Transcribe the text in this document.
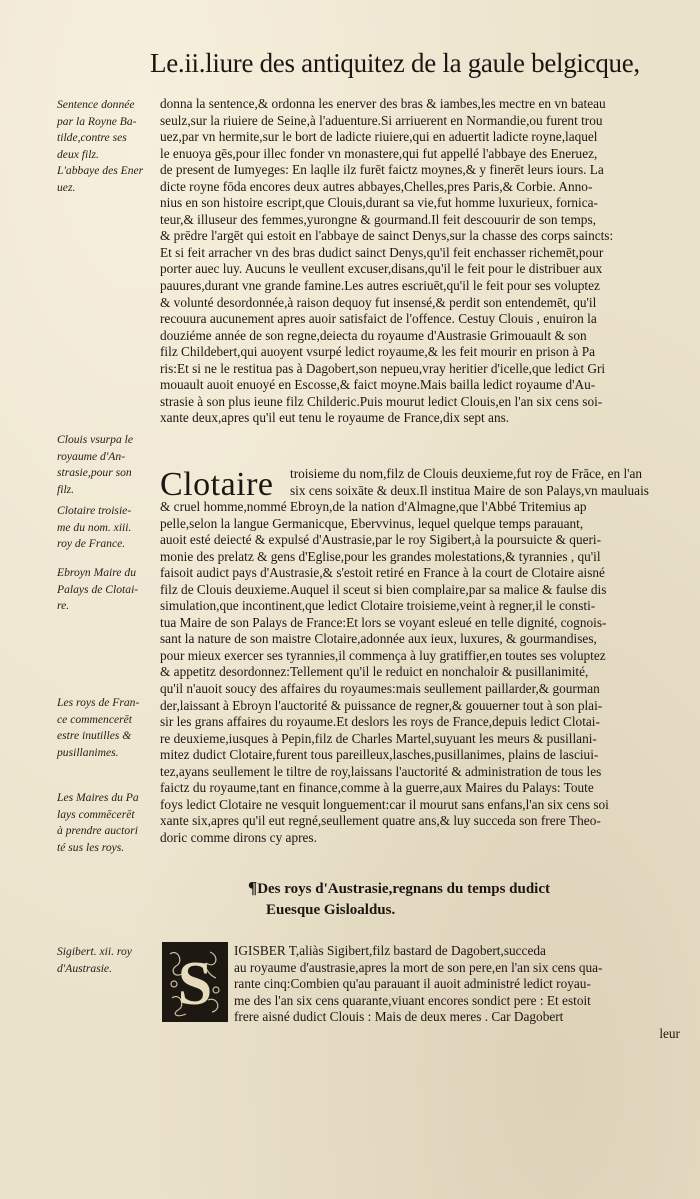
Le.ii.liure des antiquitez de la gaule belgicque,
Sentence donnée
par la Royne Ba-
tilde,contre ses
deux filz.
L'abbaye des Ener
uez.
Clouis vsurpa le
royaume d'An-
strasie,pour son
filz.
Clotaire troisie-
me du nom. xiii.
roy de France.
Ebroyn Maire du
Palays de Clotai-
re.
Les roys de Fran-
ce commencerēt
estre inutilles &
pusillanimes.
Les Maires du Pa
lays commēcerēt
à prendre auctori
té sus les roys.
Sigibert. xii. roy
d'Austrasie.
donna la sentence,& ordonna les enerver des bras & iambes,les mectre en vn bateau
seulz,sur la riuiere de Seine,à l'aduenture.Si arriuerent en Normandie,ou furent trou
uez,par vn hermite,sur le bort de ladicte riuiere,qui en aduertit ladicte royne,laquel
le enuoya gēs,pour illec fonder vn monastere,qui fut appellé l'abbaye des Eneruez,
de present de Iumyeges: En laqlle ilz furēt faictz moynes,& y finerēt leurs iours. La
dicte royne fōda encores deux autres abbayes,Chelles,pres Paris,& Corbie. Anno-
nius en son histoire escript,que Clouis,durant sa vie,fut homme luxurieux, fornica-
teur,& illuseur des femmes,yurongne & gourmand.Il feit descouurir de son temps,
& prēdre l'argēt qui estoit en l'abbaye de sainct Denys,sur la chasse des corps saincts:
Et si feit arracher vn des bras dudict sainct Denys,qu'il feit enchasser richemēt,pour
porter auec luy. Aucuns le veullent excuser,disans,qu'il le feit pour le distribuer aux
pauures,durant vne grande famine.Les autres escriuēt,qu'il le feit pour ses voluptez
& volunté desordonnée,à raison dequoy fut insensé,& perdit son entendemēt, qu'il
recouura aucunement apres auoir satisfaict de l'offence. Cestuy Clouis , enuiron la
douziéme année de son regne,deiecta du royaume d'Austrasie Grimouault & son
filz Childebert,qui auoyent vsurpé ledict royaume,& les feit mourir en prison à Pa
ris:Et si ne le restitua pas à Dagobert,son nepueu,vray heritier d'icelle,que ledict Gri
mouault auoit enuoyé en Escosse,& faict moyne.Mais bailla ledict royaume d'Au-
strasie à son plus ieune filz Childeric.Puis mourut ledict Clouis,en l'an six cens soi-
xante deux,apres qu'il eut tenu le royaume de France,dix sept ans.
Clotaire troisieme du nom,filz de Clouis deuxieme,fut roy de Frāce, en l'an
six cens soixāte & deux.Il institua Maire de son Palays,vn mauluais
& cruel homme,nommé Ebroyn,de la nation d'Almagne,que l'Abbé Tritemius ap
pelle,selon la langue Germanicque, Ebervvinus, lequel quelque temps parauant,
auoit esté deiecté & expulsé d'Austrasie,par le roy Sigibert,à la poursuicte & queri-
monie des prelatz & gens d'Eglise,pour les grandes molestations,& tyrannies , qu'il
faisoit audict pays d'Austrasie,& s'estoit retiré en France à la court de Clotaire aisné
filz de Clouis deuxieme.Auquel il sceut si bien complaire,par sa malice & faulse dis
simulation,que incontinent,que ledict Clotaire troisieme,veint à regner,il le consti-
tua Maire de son Palays de France:Et lors se voyant esleué en telle dignité, cognois-
sant la nature de son maistre Clotaire,adonnée aux ieux, luxures, & gourmandises,
pour mieux exercer ses tyrannies,il commença à luy gratiffier,en toutes ses voluptez
& appetitz desordonnez:Tellement qu'il le reduict en nonchaloir & pusillanimité,
qu'il n'auoit soucy des affaires du royaumes:mais seullement paillarder,& gourman
der,laissant à Ebroyn l'auctorité & puissance de regner,& gouuerner tout à son plai-
sir les grans affaires du royaume.Et deslors les roys de France,depuis ledict Clotai-
re deuxieme,iusques à Pepin,filz de Charles Martel,suyuant les meurs & pusillani-
mitez dudict Clotaire,furent tous pareilleux,lasches,pusillanimes, plains de lasciui-
tez,ayans seullement le tiltre de roy,laissans l'auctorité & administration de tous les
faictz du royaume,tant en finance,comme à la guerre,aux Maires du Palays: Toute
foys ledict Clotaire ne vesquit longuement:car il mourut sans enfans,l'an six cens soi
xante six,apres qu'il eut regné,seullement quatre ans,& luy succeda son frere Theo-
doric comme dirons cy apres.
¶Des roys d'Austrasie,regnans du temps dudict
Euesque Gisloaldus.
S IGISBER T,aliàs Sigibert,filz bastard de Dagobert,succeda
au royaume d'austrasie,apres la mort de son pere,en l'an six cens qua-
rante cinq:Combien qu'au parauant il auoit administré ledict royau-
me des l'an six cens quarante,viuant encores sondict pere : Et estoit
frere aisné dudict Clouis : Mais de deux meres . Car Dagobert
leur
